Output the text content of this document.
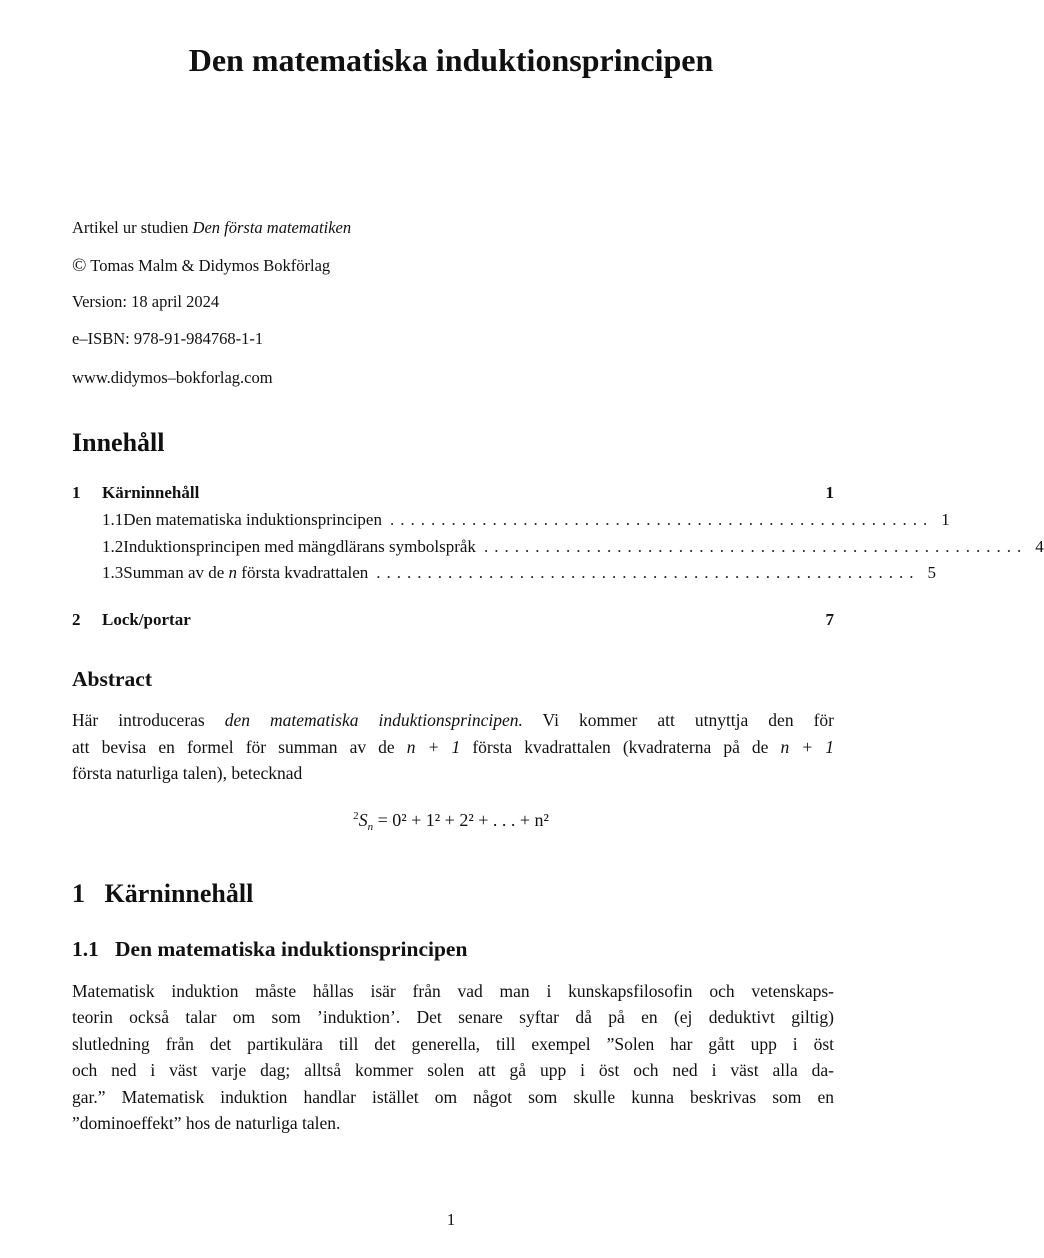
Den matematiska induktionsprincipen
Artikel ur studien Den första matematiken
© Tomas Malm & Didymos Bokförlag
Version: 18 april 2024
e–ISBN: 978-91-984768-1-1
www.didymos–bokforlag.com
Innehåll
1	Kärninnehåll	1
1.1 Den matematiska induktionsprincipen ..................................................... 1
1.2 Induktionsprincipen med mängdlärans symbolspråk ..................................................... 4
1.3 Summan av de n första kvadrattalen ..................................................... 5
2	Lock/portar	7
Abstract
Här introduceras den matematiska induktionsprincipen. Vi kommer att utnyttja den för
att bevisa en formel för summan av de n + 1 första kvadrattalen (kvadraterna på de n + 1
första naturliga talen), betecknad
$^2S_n = 0^2 + 1^2 + 2^2$ + . . . + n²
1   Kärninnehåll
1.1   Den matematiska induktionsprincipen
Matematisk induktion måste hållas isär från vad man i kunskapsfilosofin och vetenskaps-
teorin också talar om som ’induktion’. Det senare syftar då på en (ej deduktivt giltig)
slutledning från det partikulära till det generella, till exempel ”Solen har gått upp i öst
och ned i väst varje dag; alltså kommer solen att gå upp i öst och ned i väst alla da-
gar.” Matematisk induktion handlar istället om något som skulle kunna beskrivas som en
”dominoeffekt” hos de naturliga talen.
1
